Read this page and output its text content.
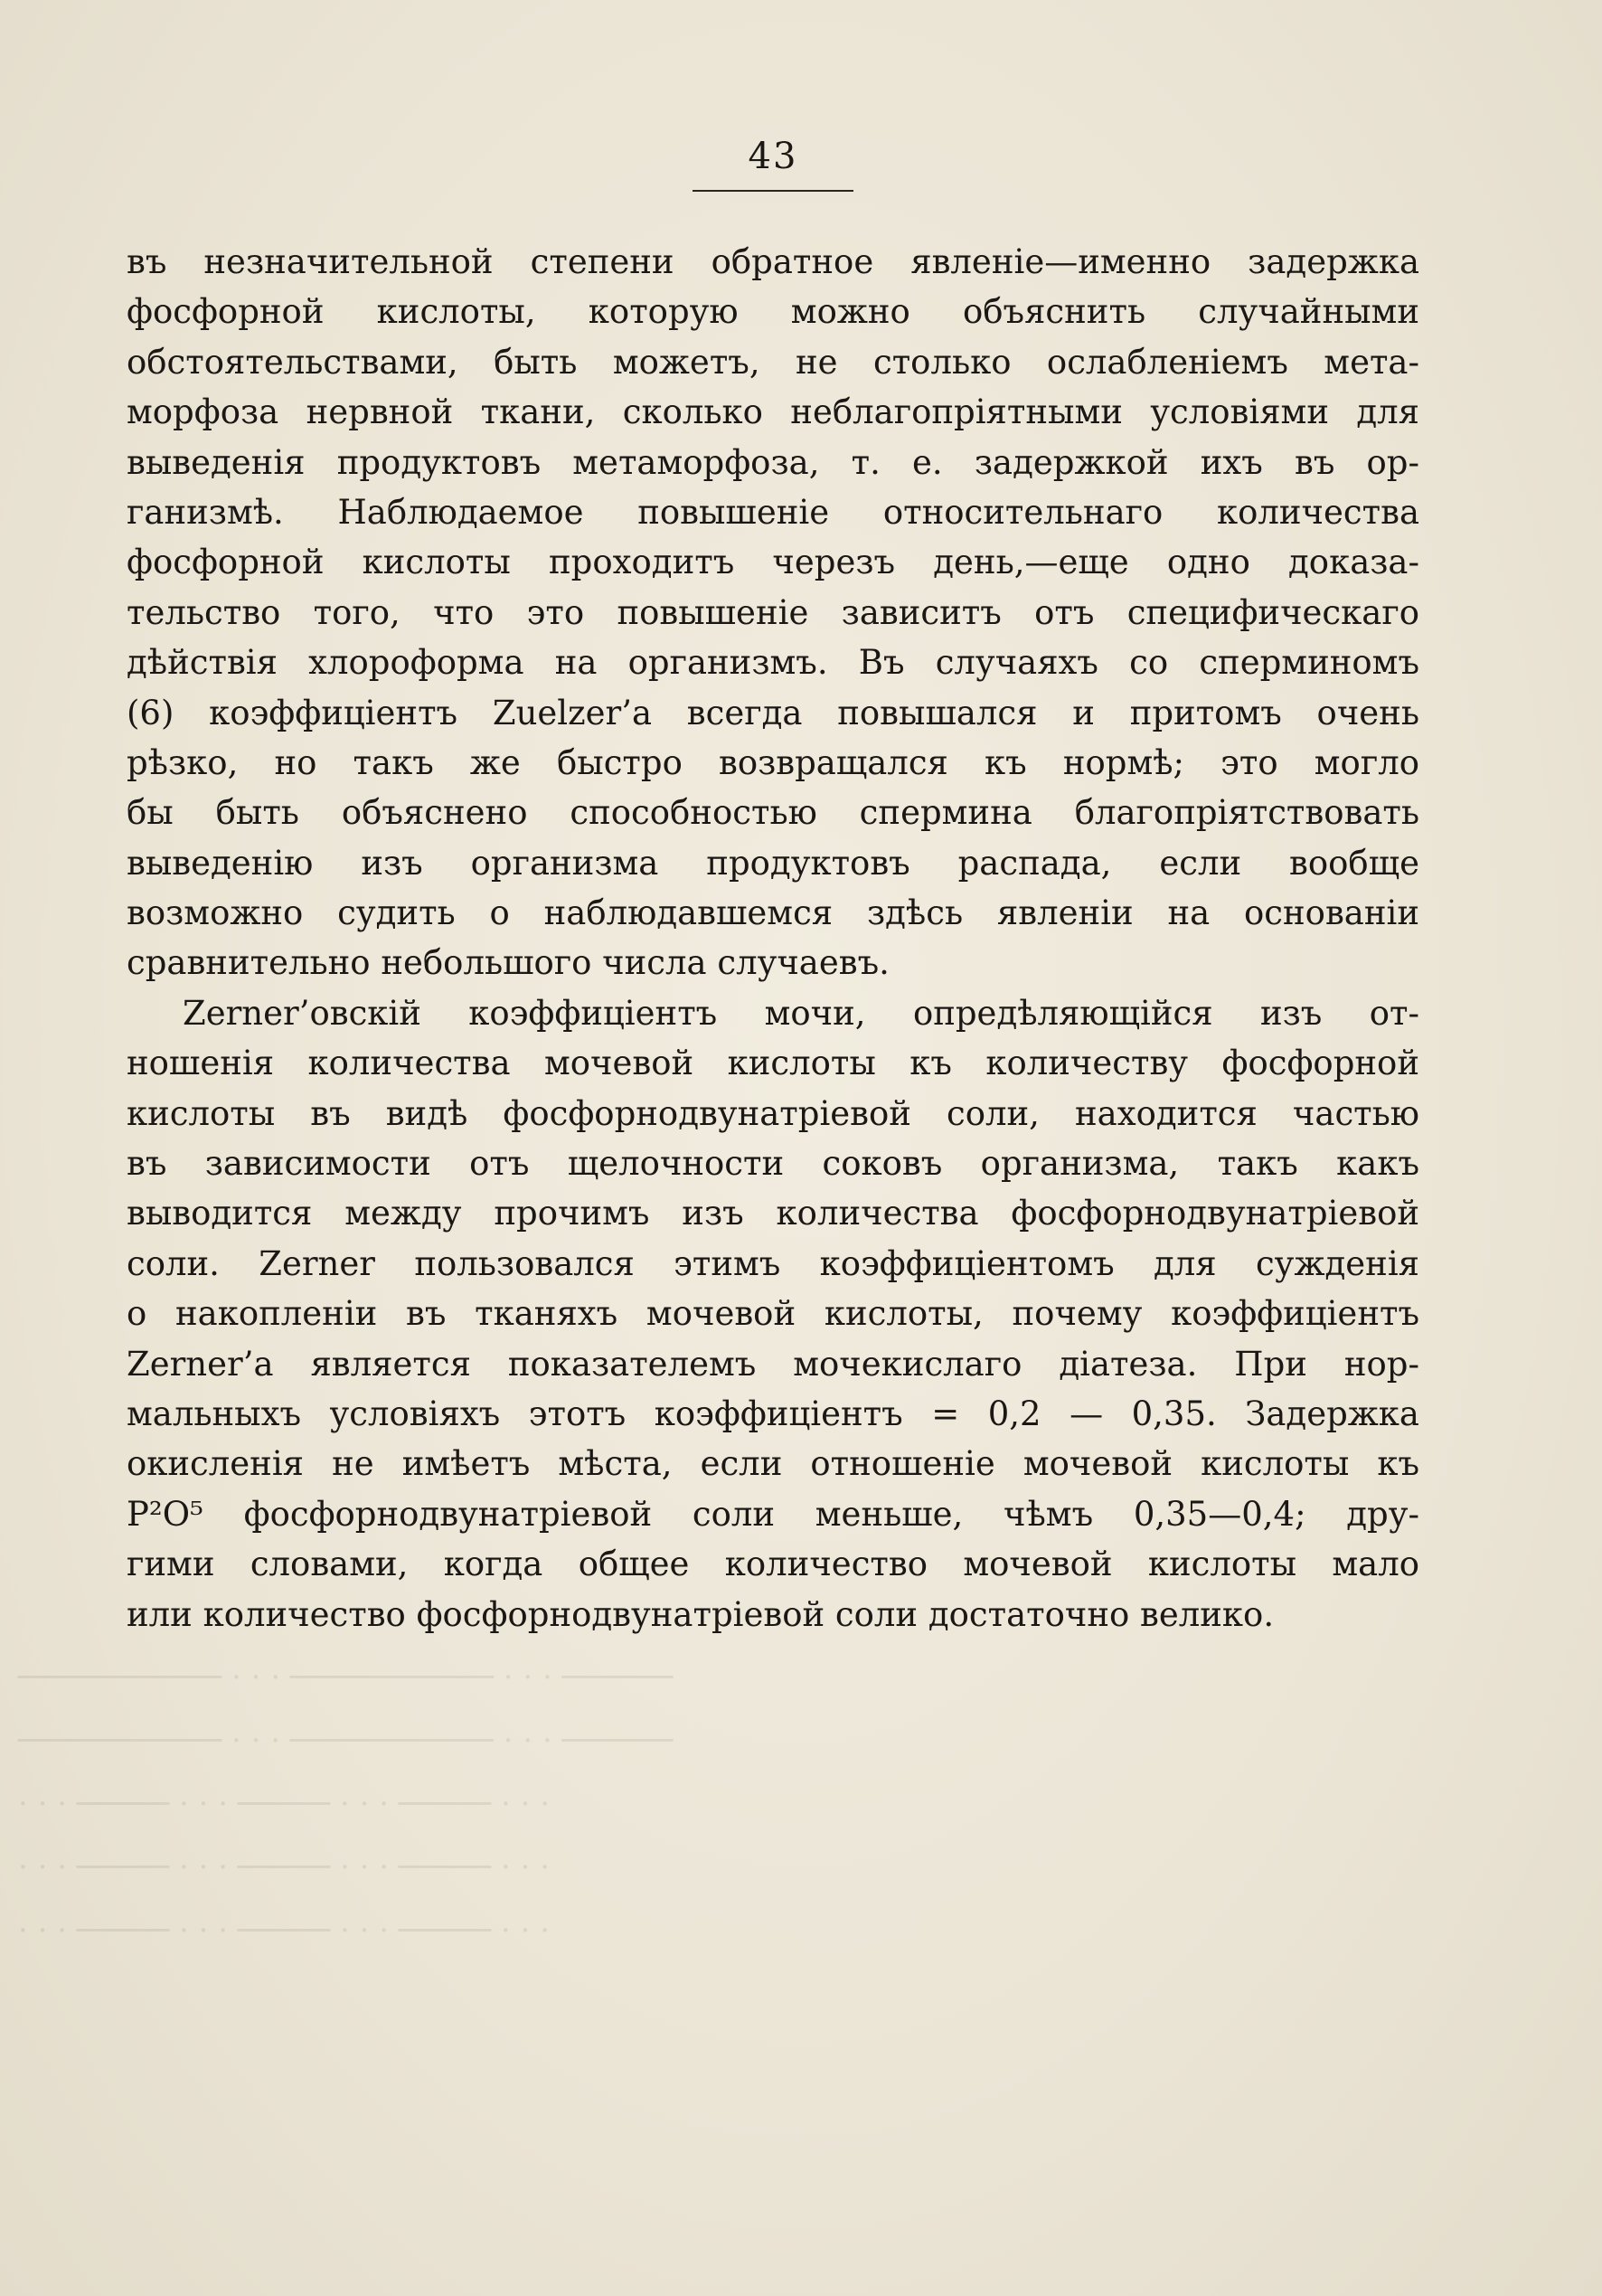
43
въ незначительной степени обратное явленіе—именно задержка
фосфорной кислоты, которую можно объяснить случайными
обстоятельствами, быть можетъ, не столько ослабленіемъ мета-
морфоза нервной ткани, сколько неблагопріятными условіями для
выведенія продуктовъ метаморфоза, т. е. задержкой ихъ въ ор-
ганизмѣ. Наблюдаемое повышеніе относительнаго количества
фосфорной кислоты проходитъ черезъ день,—еще одно доказа-
тельство того, что это повышеніе зависитъ отъ специфическаго
дѣйствія хлороформа на организмъ. Въ случаяхъ со сперминомъ
(6) коэффиціентъ Zuelzer’a всегда повышался и притомъ очень
рѣзко, но такъ же быстро возвращался къ нормѣ; это могло
бы быть объяснено способностью спермина благопріятствовать
выведенію изъ организма продуктовъ распада, если вообще
возможно судить о наблюдавшемся здѣсь явленіи на основаніи
сравнительно небольшого числа случаевъ.
Zerner’овскій коэффиціентъ мочи, опредѣляющійся изъ от-
ношенія количества мочевой кислоты къ количеству фосфорной
кислоты въ видѣ фосфорнодвунатріевой соли, находится частью
въ зависимости отъ щелочности соковъ организма, такъ какъ
выводится между прочимъ изъ количества фосфорнодвунатріевой
соли. Zerner пользовался этимъ коэффиціентомъ для сужденія
о накопленіи въ тканяхъ мочевой кислоты, почему коэффиціентъ
Zerner’a является показателемъ мочекислаго діатеза. При нор-
мальныхъ условіяхъ этотъ коэффиціентъ = 0,2 — 0,35. Задержка
окисленія не имѣетъ мѣста, если отношеніе мочевой кислоты къ
P²O⁵ фосфорнодвунатріевой соли меньше, чѣмъ 0,35—0,4; дру-
гими словами, когда общее количество мочевой кислоты мало
или количество фосфорнодвунатріевой соли достаточно велико.
─────────── · · · ─────────── · · · ──────
─────────── · · · ─────────── · · · ──────
· · · ───── · · · ───── · · · ───── · · ·
· · · ───── · · · ───── · · · ───── · · ·
· · · ───── · · · ───── · · · ───── · · ·
